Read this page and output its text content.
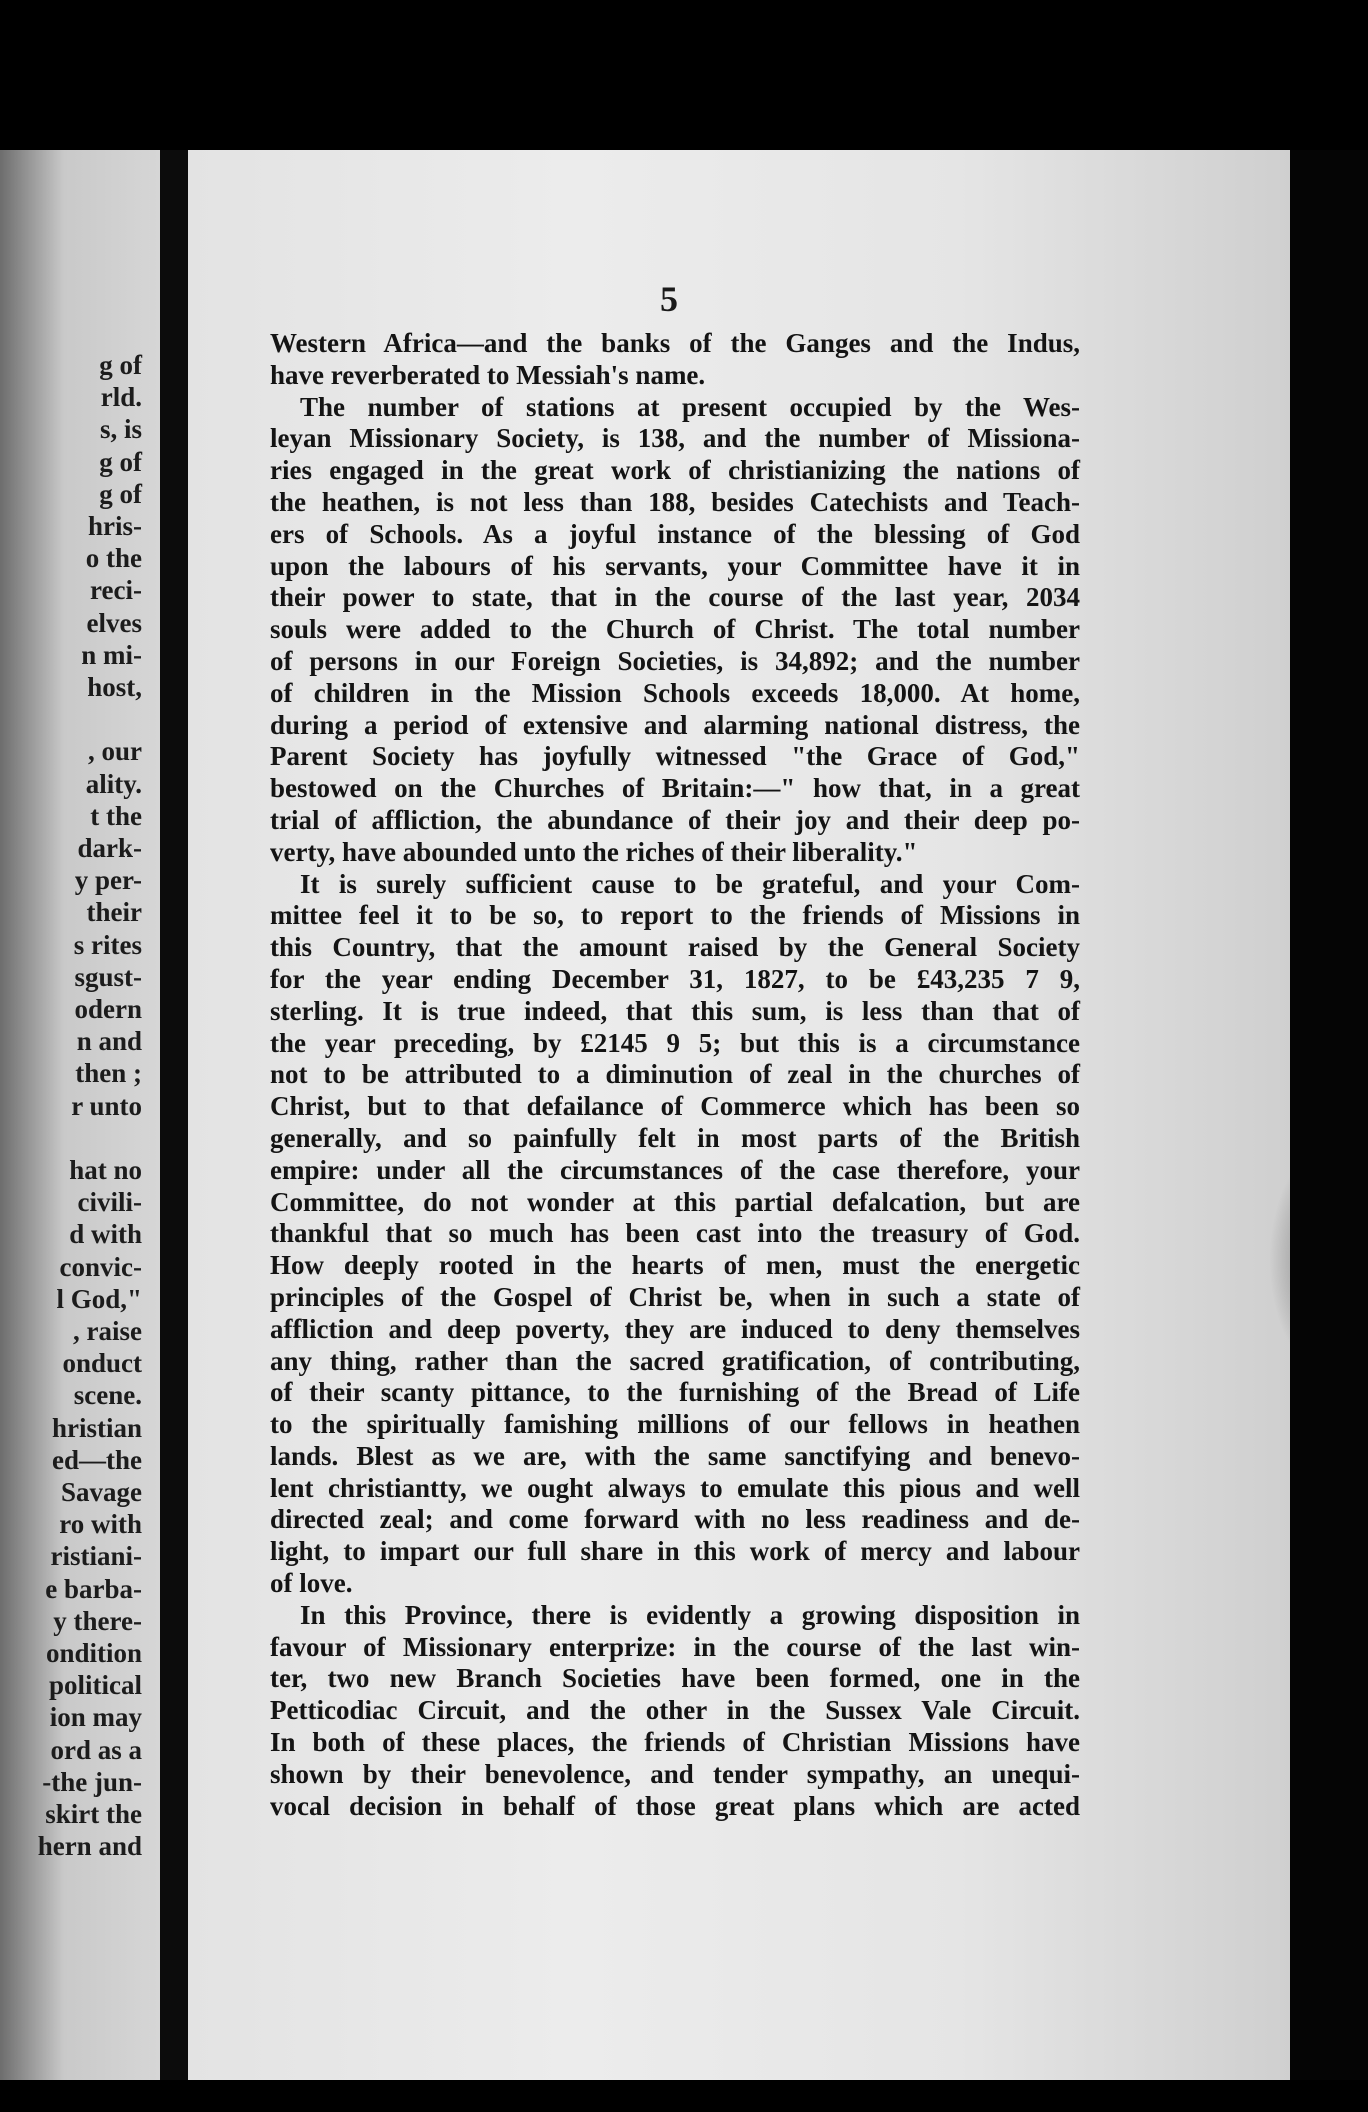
g of
rld.
s, is
g of
g of
hris-
o the
reci-
elves
n mi-
host,
, our
ality.
t the
dark-
y per-
their
s rites
sgust-
odern
n and
then ;
r unto
hat no
civili-
d with
convic-
l God,"
, raise
onduct
scene.
hristian
ed—the
Savage
ro with
ristiani-
e barba-
y there-
ondition
political
ion may
ord as a
-the jun-
skirt the
hern and
5
Western Africa—and the banks of the Ganges and the Indus,
have reverberated to Messiah's name.
The number of stations at present occupied by the Wes-
leyan Missionary Society, is 138, and the number of Missiona-
ries engaged in the great work of christianizing the nations of
the heathen, is not less than 188, besides Catechists and Teach-
ers of Schools. As a joyful instance of the blessing of God
upon the labours of his servants, your Committee have it in
their power to state, that in the course of the last year, 2034
souls were added to the Church of Christ. The total number
of persons in our Foreign Societies, is 34,892; and the number
of children in the Mission Schools exceeds 18,000. At home,
during a period of extensive and alarming national distress, the
Parent Society has joyfully witnessed "the Grace of God,"
bestowed on the Churches of Britain:—" how that, in a great
trial of affliction, the abundance of their joy and their deep po-
verty, have abounded unto the riches of their liberality."
It is surely sufficient cause to be grateful, and your Com-
mittee feel it to be so, to report to the friends of Missions in
this Country, that the amount raised by the General Society
for the year ending December 31, 1827, to be £43,235 7 9,
sterling. It is true indeed, that this sum, is less than that of
the year preceding, by £2145 9 5; but this is a circumstance
not to be attributed to a diminution of zeal in the churches of
Christ, but to that defailance of Commerce which has been so
generally, and so painfully felt in most parts of the British
empire: under all the circumstances of the case therefore, your
Committee, do not wonder at this partial defalcation, but are
thankful that so much has been cast into the treasury of God.
How deeply rooted in the hearts of men, must the energetic
principles of the Gospel of Christ be, when in such a state of
affliction and deep poverty, they are induced to deny themselves
any thing, rather than the sacred gratification, of contributing,
of their scanty pittance, to the furnishing of the Bread of Life
to the spiritually famishing millions of our fellows in heathen
lands. Blest as we are, with the same sanctifying and benevo-
lent christiantty, we ought always to emulate this pious and well
directed zeal; and come forward with no less readiness and de-
light, to impart our full share in this work of mercy and labour
of love.
In this Province, there is evidently a growing disposition in
favour of Missionary enterprize: in the course of the last win-
ter, two new Branch Societies have been formed, one in the
Petticodiac Circuit, and the other in the Sussex Vale Circuit.
In both of these places, the friends of Christian Missions have
shown by their benevolence, and tender sympathy, an unequi-
vocal decision in behalf of those great plans which are acted
